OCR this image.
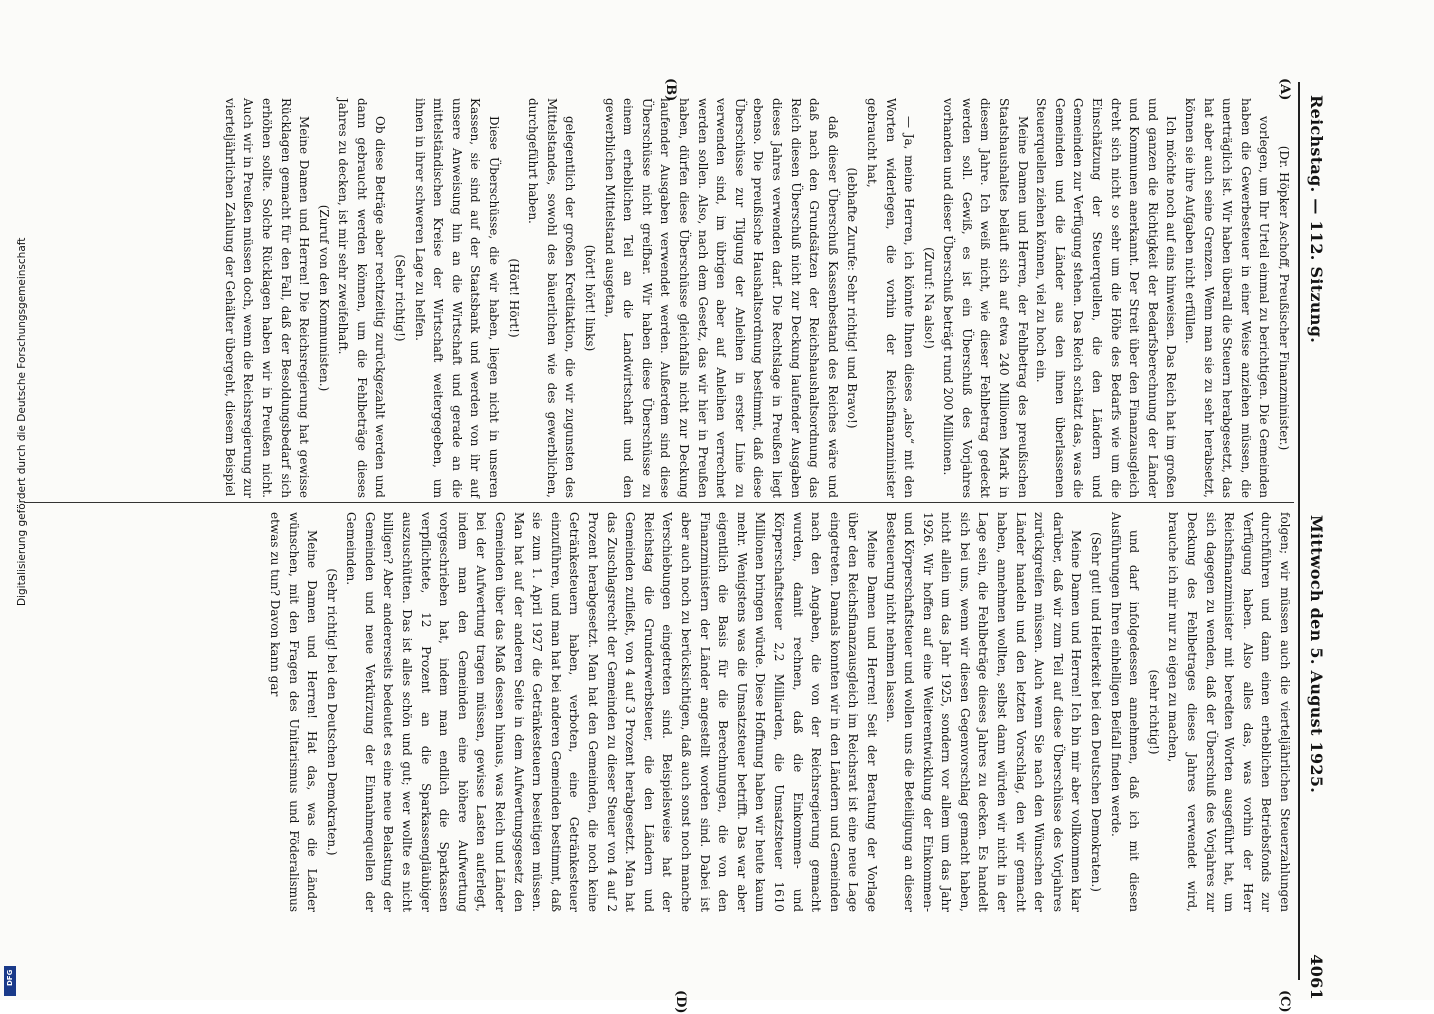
Reichstag. — 112. Sitzung.
4061
Mittwoch den 5. August 1925.
(A)
(B)
(C)
(D)

(Dr. Höpker Aschoff, Preußischer Finanzminister.)

vorlegen, um Ihr Urteil einmal zu berichtigen. Die Gemeinden haben die Gewerbesteuer in einer Weise anziehen müssen, die unerträglich ist. Wir haben überall die Steuern herabgesetzt, das hat aber auch seine Grenzen. Wenn man sie zu sehr herabsetzt, können sie ihre Aufgaben nicht erfüllen.

Ich möchte noch auf eins hinweisen. Das Reich hat im großen und ganzen die Richtigkeit der Bedarfsberechnung der Länder und Kommunen anerkannt. Der Streit über den Finanzausgleich dreht sich nicht so sehr um die Höhe des Bedarfs wie um die Einschätzung der Steuerquellen, die den Ländern und Gemeinden zur Verfügung stehen. Das Reich schätzt das, was die Gemeinden und die Länder aus den ihnen überlassenen Steuerquellen ziehen können, viel zu hoch ein.

Meine Damen und Herren, der Fehlbetrag des preußischen Staatshaushaltes beläuft sich auf etwa 240 Millionen Mark in diesem Jahre. Ich weiß nicht, wie dieser Fehlbetrag gedeckt werden soll. Gewiß, es ist ein Überschuß des Vorjahres vorhanden und dieser Überschuß beträgt rund 200 Millionen.

(Zuruf: Na also!)

— Ja, meine Herren, ich könnte Ihnen dieses „also“ mit den Worten widerlegen, die vorhin der Reichsfinanzminister gebraucht hat,

(lebhafte Zurufe: Sehr richtig! und Bravo!)

daß dieser Überschuß Kassenbestand des Reiches wäre und daß nach den Grundsätzen der Reichshaushaltsordnung das Reich diesen Überschuß nicht zur Deckung laufender Ausgaben dieses Jahres verwenden darf. Die Rechtslage in Preußen liegt ebenso. Die preußische Haushaltsordnung bestimmt, daß diese Überschüsse zur Tilgung der Anleihen in erster Linie zu verwenden sind, im übrigen aber auf Anleihen verrechnet werden sollen. Also, nach dem Gesetz, das wir hier in Preußen haben, dürfen diese Überschüsse gleichfalls nicht zur Deckung laufender Ausgaben verwendet werden. Außerdem sind diese Überschüsse nicht greifbar. Wir haben diese Überschüsse zu einem erheblichen Teil an die Landwirtschaft und den gewerblichen Mittelstand ausgetan,

(hört! hört! links)

gelegentlich der großen Kreditaktion, die wir zugunsten des Mittelstandes, sowohl des bäuerlichen wie des gewerblichen, durchgeführt haben.

(Hört! Hört!)

Diese Überschüsse, die wir haben, liegen nicht in unseren Kassen, sie sind auf der Staatsbank und werden von ihr auf unsere Anweisung hin an die Wirtschaft und gerade an die mittelständischen Kreise der Wirtschaft weitergegeben, um ihnen in ihrer schweren Lage zu helfen.

(Sehr richtig!)

Ob diese Beträge aber rechtzeitig zurückgezahlt werden und dann gebraucht werden können, um die Fehlbeträge dieses Jahres zu decken, ist mir sehr zweifelhaft.

(Zuruf von den Kommunisten.)

Meine Damen und Herren! Die Reichsregierung hat gewisse Rücklagen gemacht für den Fall, daß der Besoldungsbedarf sich erhöhen sollte. Solche Rücklagen haben wir in Preußen nicht. Auch wir in Preußen müssen doch, wenn die Reichsregierung zur vierteljährlichen Zahlung der Gehälter übergeht, diesem Beispiel

folgen; wir müssen auch die vierteljährlichen Steuerzahlungen durchführen und dann einen erheblichen Betriebsfonds zur Verfügung haben. Also alles das, was vorhin der Herr Reichsfinanzminister mit beredten Worten ausgeführt hat, um sich dagegen zu wenden, daß der Überschuß des Vorjahres zur Deckung des Fehlbetrages dieses Jahres verwendet wird, brauche ich mir nur zu eigen zu machen,

(sehr richtig!)

und darf infolgedessen annehmen, daß ich mit diesen Ausführungen Ihren einhelligen Beifall finden werde.

(Sehr gut! und Heiterkeit bei den Deutschen Demokraten.)

Meine Damen und Herren! Ich bin mir aber vollkommen klar darüber, daß wir zum Teil auf diese Überschüsse des Vorjahres zurückgreifen müssen. Auch wenn Sie nach den Wünschen der Länder handeln und den letzten Vorschlag, den wir gemacht haben, annehmen wollten, selbst dann würden wir nicht in der Lage sein, die Fehlbeträge dieses Jahres zu decken. Es handelt sich bei uns, wenn wir diesen Gegenvorschlag gemacht haben, nicht allein um das Jahr 1925, sondern vor allem um das Jahr 1926. Wir hoffen auf eine Weiterentwicklung der Einkommen- und Körperschaftsteuer und wollen uns die Beteiligung an dieser Besteuerung nicht nehmen lassen.

Meine Damen und Herren! Seit der Beratung der Vorlage über den Reichsfinanzausgleich im Reichsrat ist eine neue Lage eingetreten. Damals konnten wir in den Ländern und Gemeinden nach den Angaben, die von der Reichsregierung gemacht wurden, damit rechnen, daß die Einkommen- und Körperschaftsteuer 2,2 Milliarden, die Umsatzsteuer 1610 Millionen bringen würde. Diese Hoffnung haben wir heute kaum mehr. Wenigstens was die Umsatzsteuer betrifft. Das war aber eigentlich die Basis für die Berechnungen, die von den Finanzministern der Länder angestellt worden sind. Dabei ist aber auch noch zu berücksichtigen, daß auch sonst noch manche Verschiebungen eingetreten sind. Beispielsweise hat der Reichstag die Grunderwerbsteuer, die den Ländern und Gemeinden zufließt, von 4 auf 3 Prozent herabgesetzt. Man hat das Zuschlagsrecht der Gemeinden zu dieser Steuer von 4 auf 2 Prozent herabgesetzt. Man hat den Gemeinden, die noch keine Getränkesteuern haben, verboten, eine Getränkesteuer einzuführen, und man hat bei anderen Gemeinden bestimmt, daß sie zum 1. April 1927 die Getränkesteuern beseitigen müssen. Man hat auf der anderen Seite in dem Aufwertungsgesetz den Gemeinden über das Maß dessen hinaus, was Reich und Länder bei der Aufwertung tragen müssen, gewisse Lasten auferlegt, indem man den Gemeinden eine höhere Aufwertung vorgeschrieben hat, indem man endlich die Sparkassen verpflichtete, 12 Prozent an die Sparkassengläubiger auszuschütten. Das ist alles schön und gut; wer wollte es nicht billigen? Aber andererseits bedeutet es eine neue Belastung der Gemeinden und neue Verkürzung der Einnahmequellen der Gemeinden.

(Sehr richtig! bei den Deutschen Demokraten.)

Meine Damen und Herren! Hat das, was die Länder wünschen, mit den Fragen des Unitarismus und Föderalismus etwas zu tun? Davon kann gar

Digitalisierung gefördert durch die Deutsche Forschungsgemeinschaft
DFG
